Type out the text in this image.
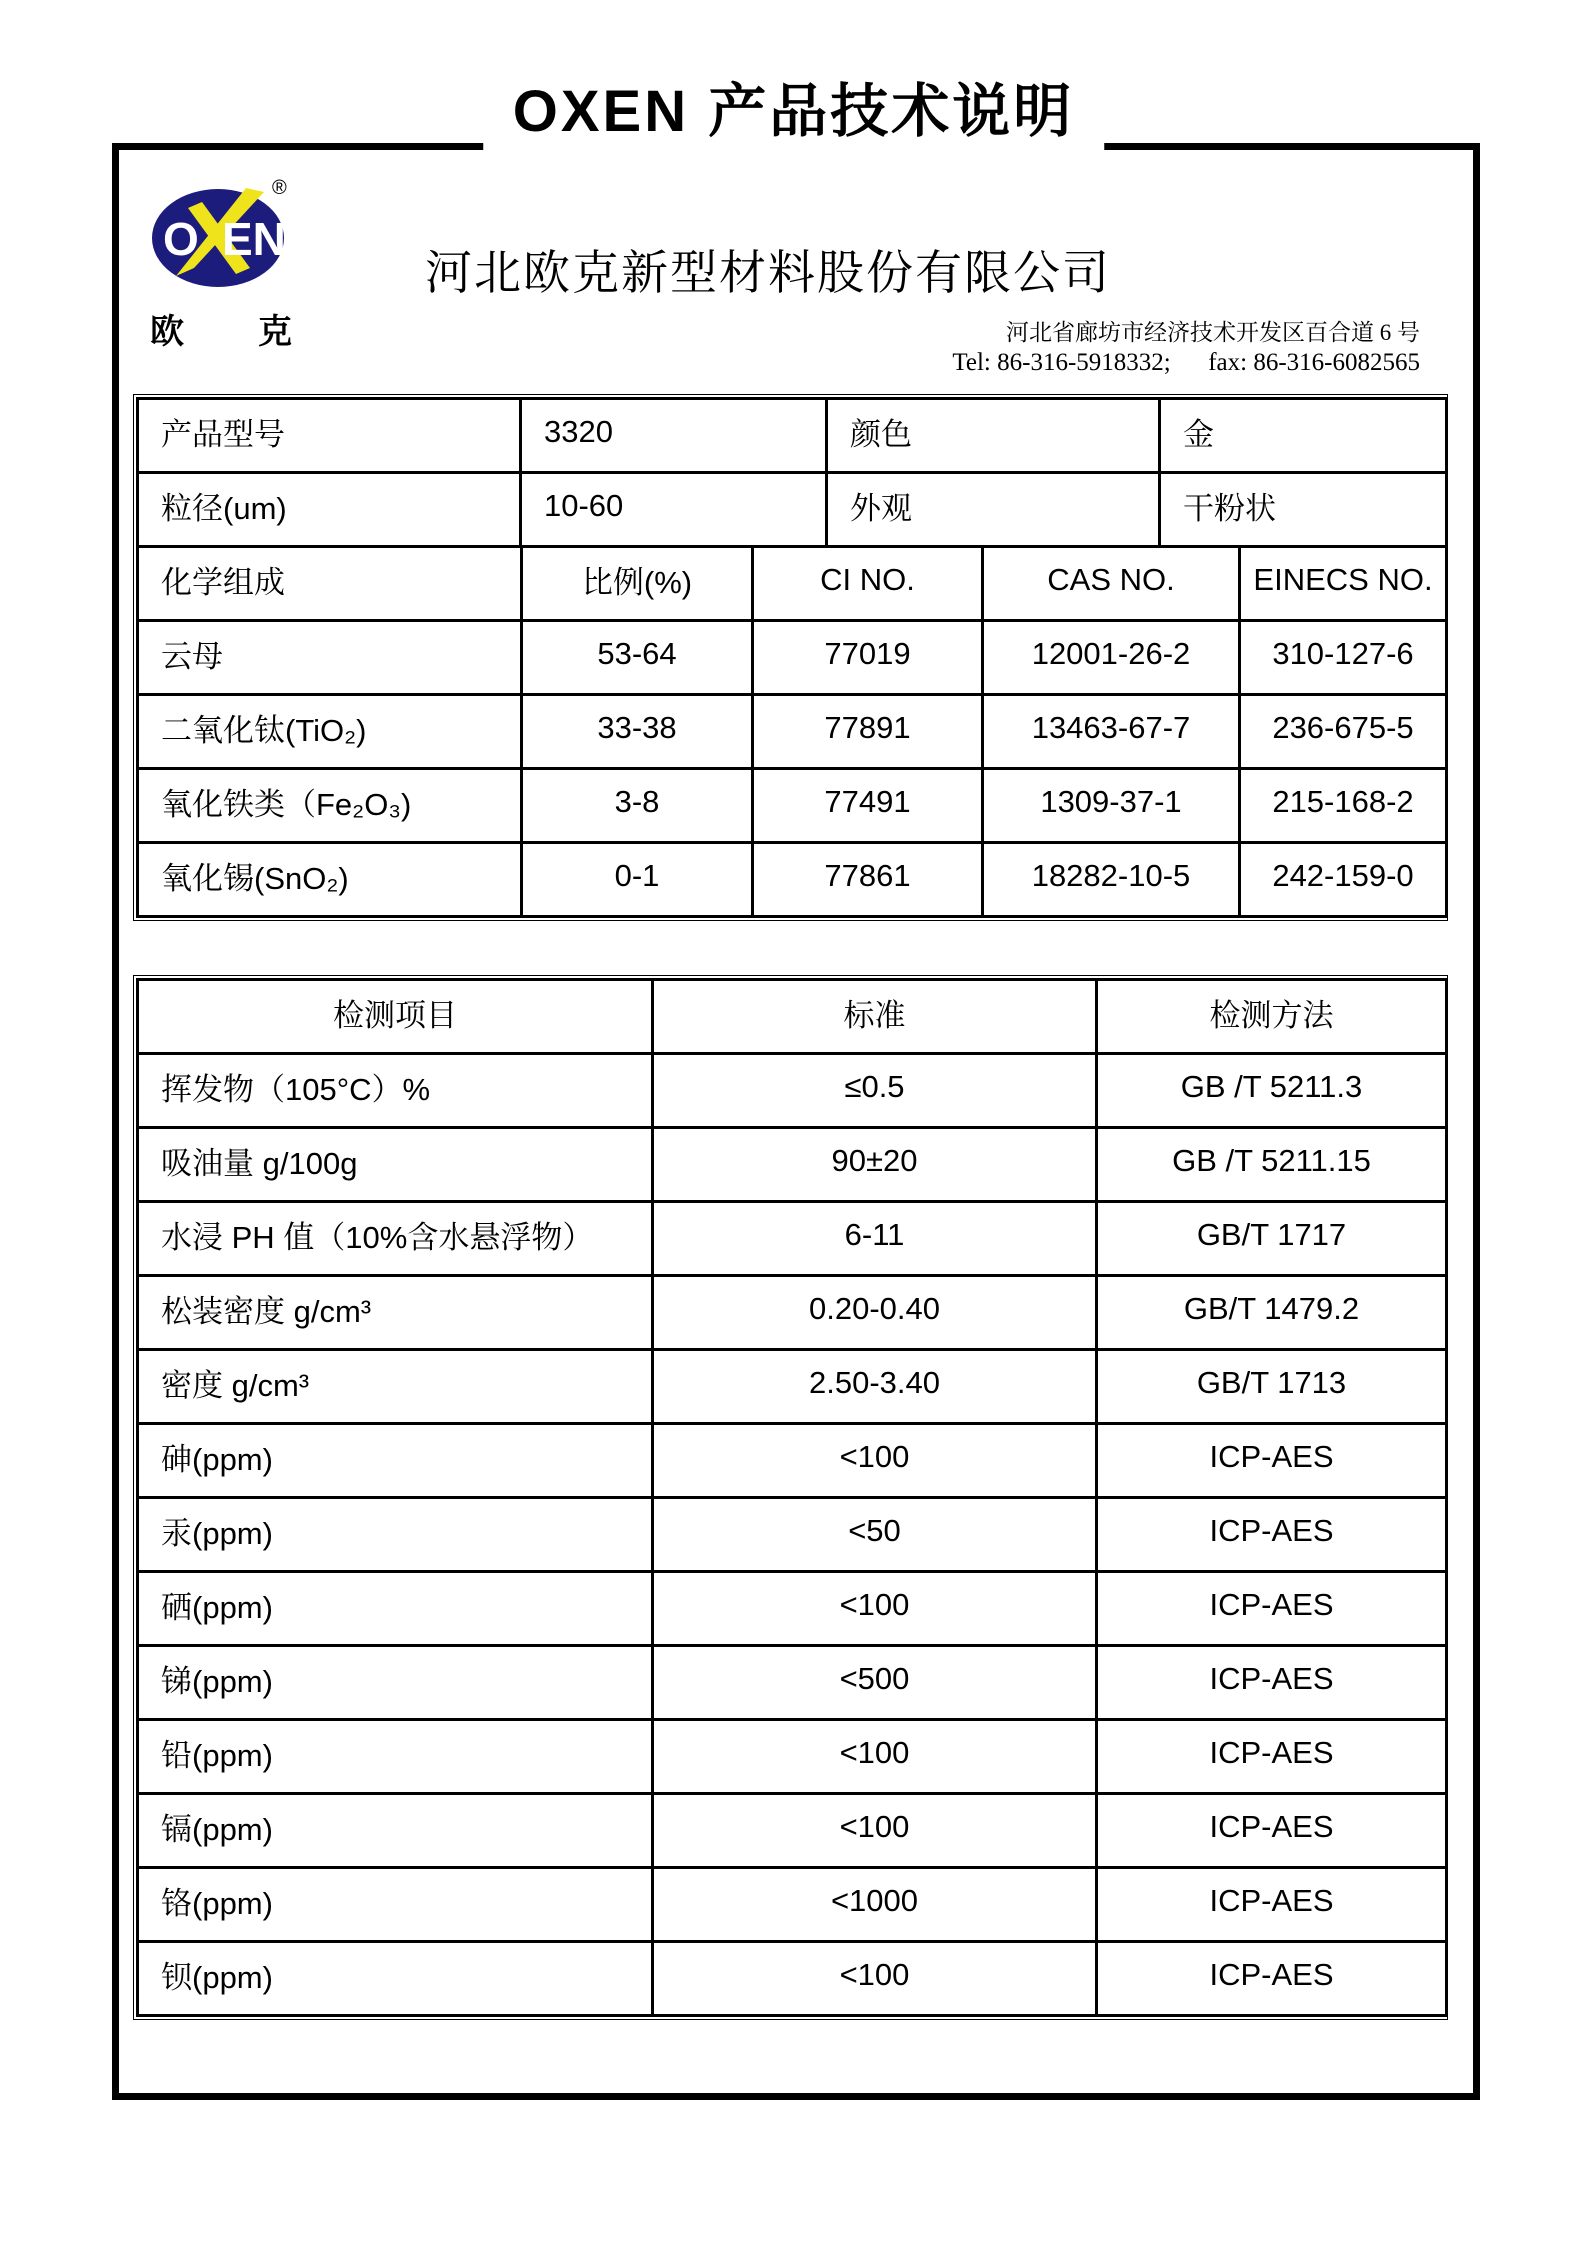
OXEN 产品技术说明
O EN
®
欧 克
河北欧克新型材料股份有限公司
河北省廊坊市经济技术开发区百合道 6 号
Tel: 86-316-5918332;      fax: 86-316-6082565
产品型号	3320	颜色	金
粒径(um)	10-60	外观	干粉状
化学组成	比例(%)	CI NO.	CAS NO.	EINECS NO.
云母	53-64	77019	12001-26-2	310-127-6
二氧化钛(TiO₂)	33-38	77891	13463-67-7	236-675-5
氧化铁类（Fe₂O₃)	3-8	77491	1309-37-1	215-168-2
氧化锡(SnO₂)	0-1	77861	18282-10-5	242-159-0
检测项目	标准	检测方法
挥发物（105°C）%	≤0.5	GB /T 5211.3
吸油量 g/100g	90±20	GB /T 5211.15
水浸 PH 值（10%含水悬浮物）	6-11	GB/T 1717
松装密度 g/cm³	0.20-0.40	GB/T 1479.2
密度 g/cm³	2.50-3.40	GB/T 1713
砷(ppm)	<100	ICP-AES
汞(ppm)	<50	ICP-AES
硒(ppm)	<100	ICP-AES
锑(ppm)	<500	ICP-AES
铅(ppm)	<100	ICP-AES
镉(ppm)	<100	ICP-AES
铬(ppm)	<1000	ICP-AES
钡(ppm)	<100	ICP-AES
